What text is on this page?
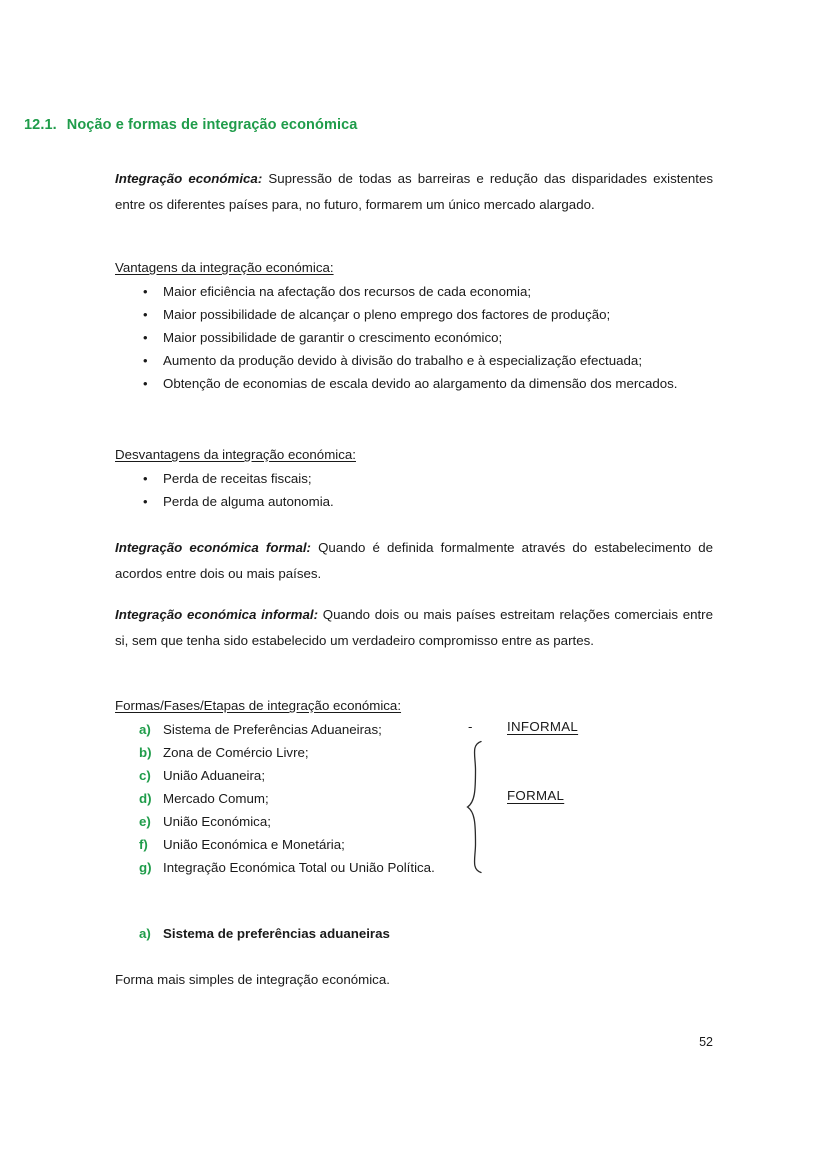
12.1. Noção e formas de integração económica
Integração económica: Supressão de todas as barreiras e redução das disparidades existentes entre os diferentes países para, no futuro, formarem um único mercado alargado.
Vantagens da integração económica:
• Maior eficiência na afectação dos recursos de cada economia;
• Maior possibilidade de alcançar o pleno emprego dos factores de produção;
• Maior possibilidade de garantir o crescimento económico;
• Aumento da produção devido à divisão do trabalho e à especialização efectuada;
• Obtenção de economias de escala devido ao alargamento da dimensão dos mercados.
Desvantagens da integração económica:
• Perda de receitas fiscais;
• Perda de alguma autonomia.
Integração económica formal: Quando é definida formalmente através do estabelecimento de acordos entre dois ou mais países.
Integração económica informal: Quando dois ou mais países estreitam relações comerciais entre si, sem que tenha sido estabelecido um verdadeiro compromisso entre as partes.
Formas/Fases/Etapas de integração económica:
a) Sistema de Preferências Aduaneiras;
b) Zona de Comércio Livre;
c) União Aduaneira;
d) Mercado Comum;
e) União Económica;
f) União Económica e Monetária;
g) Integração Económica Total ou União Política.
a) Sistema de preferências aduaneiras
Forma mais simples de integração económica.
-	INFORMAL
FORMAL
52
